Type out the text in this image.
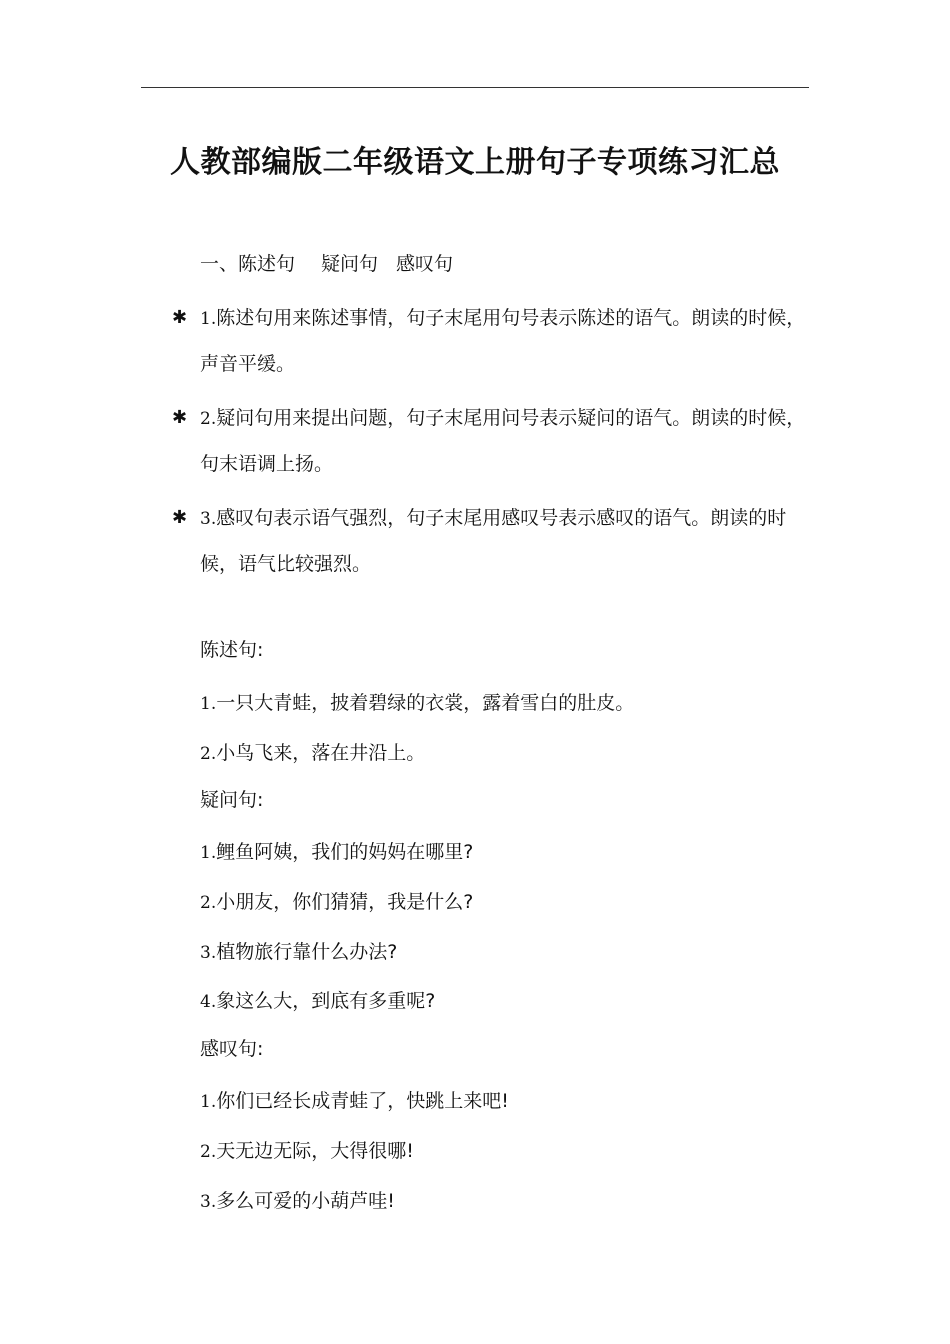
人教部编版二年级语文上册句子专项练习汇总
一、陈述句 疑问句 感叹句
✱ 1.陈述句用来陈述事情，句子末尾用句号表示陈述的语气。朗读的时候，
声音平缓。
✱ 2.疑问句用来提出问题，句子末尾用问号表示疑问的语气。朗读的时候，
句末语调上扬。
✱ 3.感叹句表示语气强烈，句子末尾用感叹号表示感叹的语气。朗读的时
候，语气比较强烈。
陈述句:
1.一只大青蛙，披着碧绿的衣裳，露着雪白的肚皮。
2.小鸟飞来，落在井沿上。
疑问句:
1.鲤鱼阿姨，我们的妈妈在哪里?
2.小朋友，你们猜猜，我是什么?
3.植物旅行靠什么办法?
4.象这么大，到底有多重呢?
感叹句:
1.你们已经长成青蛙了，快跳上来吧!
2.天无边无际，大得很哪!
3.多么可爱的小葫芦哇!
